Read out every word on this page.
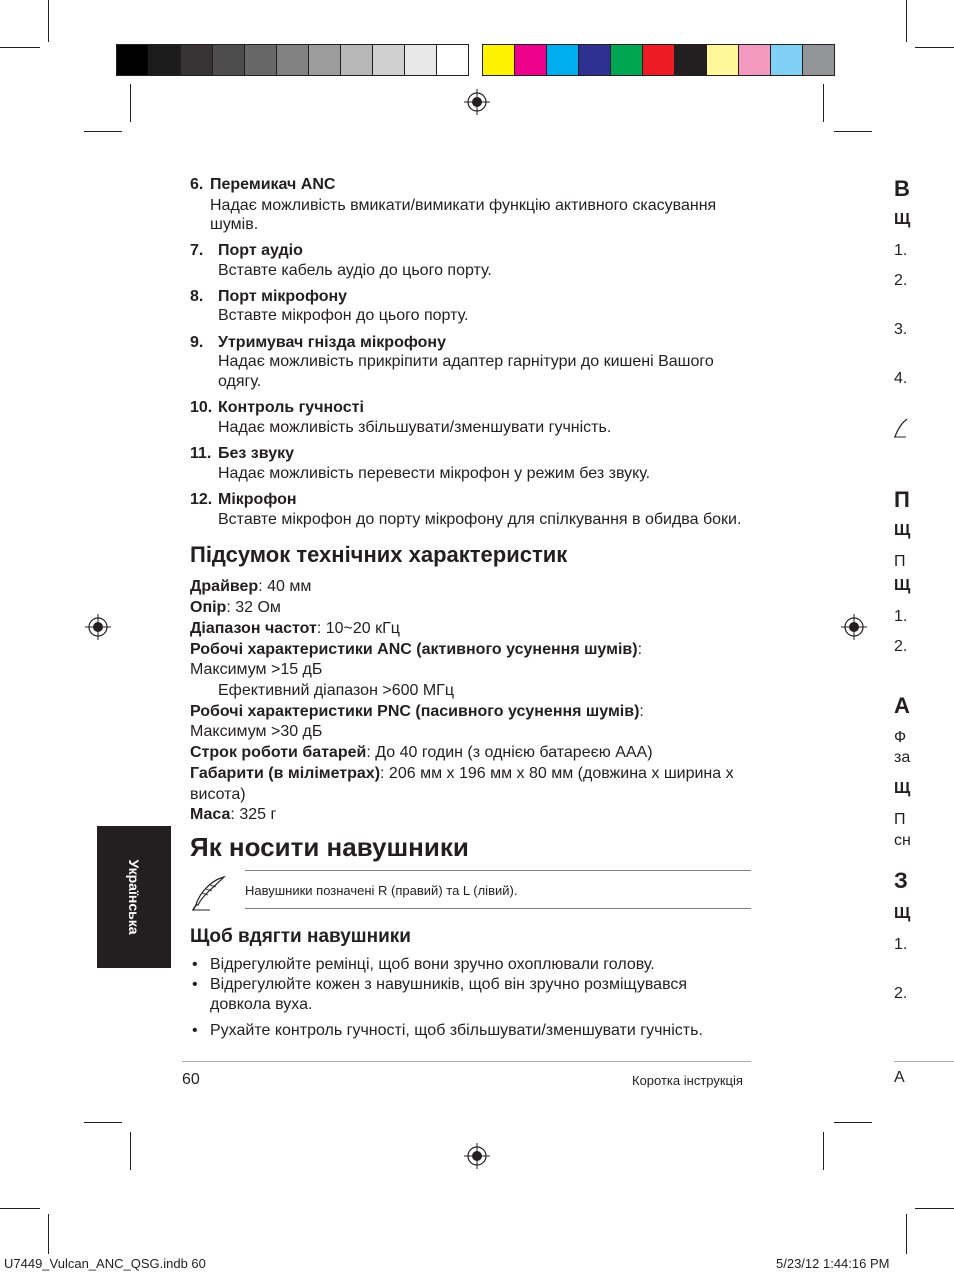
Українська
6. Перемикач ANC
Надає можливість вмикати/вимикати функцію активного скасування
шумів.
7. Порт аудіо
Вставте кабель аудіо до цього порту.
8. Порт мікрофону
Вставте мікрофон до цього порту.
9. Утримувач гнізда мікрофону
Надає можливість прикріпити адаптер гарнітури до кишені Вашого
одягу.
10. Контроль гучності
Надає можливість збільшувати/зменшувати гучність.
11. Без звуку
Надає можливість перевести мікрофон у режим без звуку.
12. Мікрофон
Вставте мікрофон до порту мікрофону для спілкування в обидва боки.
Підсумок технічних характеристик
Драйвер: 40 мм
Опір: 32 Ом
Діапазон частот: 10~20 кГц
Робочі характеристики ANC (активного усунення шумів):
Максимум >15 дБ
Ефективний діапазон >600 МГц
Робочі характеристики PNC (пасивного усунення шумів):
Максимум >30 дБ
Строк роботи батарей: До 40 годин (з однією батареєю AAA)
Габарити (в міліметрах): 206 мм x 196 мм x 80 мм (довжина x ширина x
висота)
Маса: 325 г
Як носити навушники
Навушники позначені R (правий) та L (лівий).
Щоб вдягти навушники
• Відрегулюйте ремінці, щоб вони зручно охоплювали голову.
• Відрегулюйте кожен з навушників, щоб він зручно розміщувався
довкола вуха.
• Рухайте контроль гучності, щоб збільшувати/зменшувати гучність.
60	Коротка інструкція
U7449_Vulcan_ANC_QSG.indb 60	5/23/12 1:44:16 PM
В
Щ
1.
2.
3.
4.
П
Щ
П
Щ
1.
2.
А
Ф
за
Щ
П
сн
З
Щ
1.
2.
А
